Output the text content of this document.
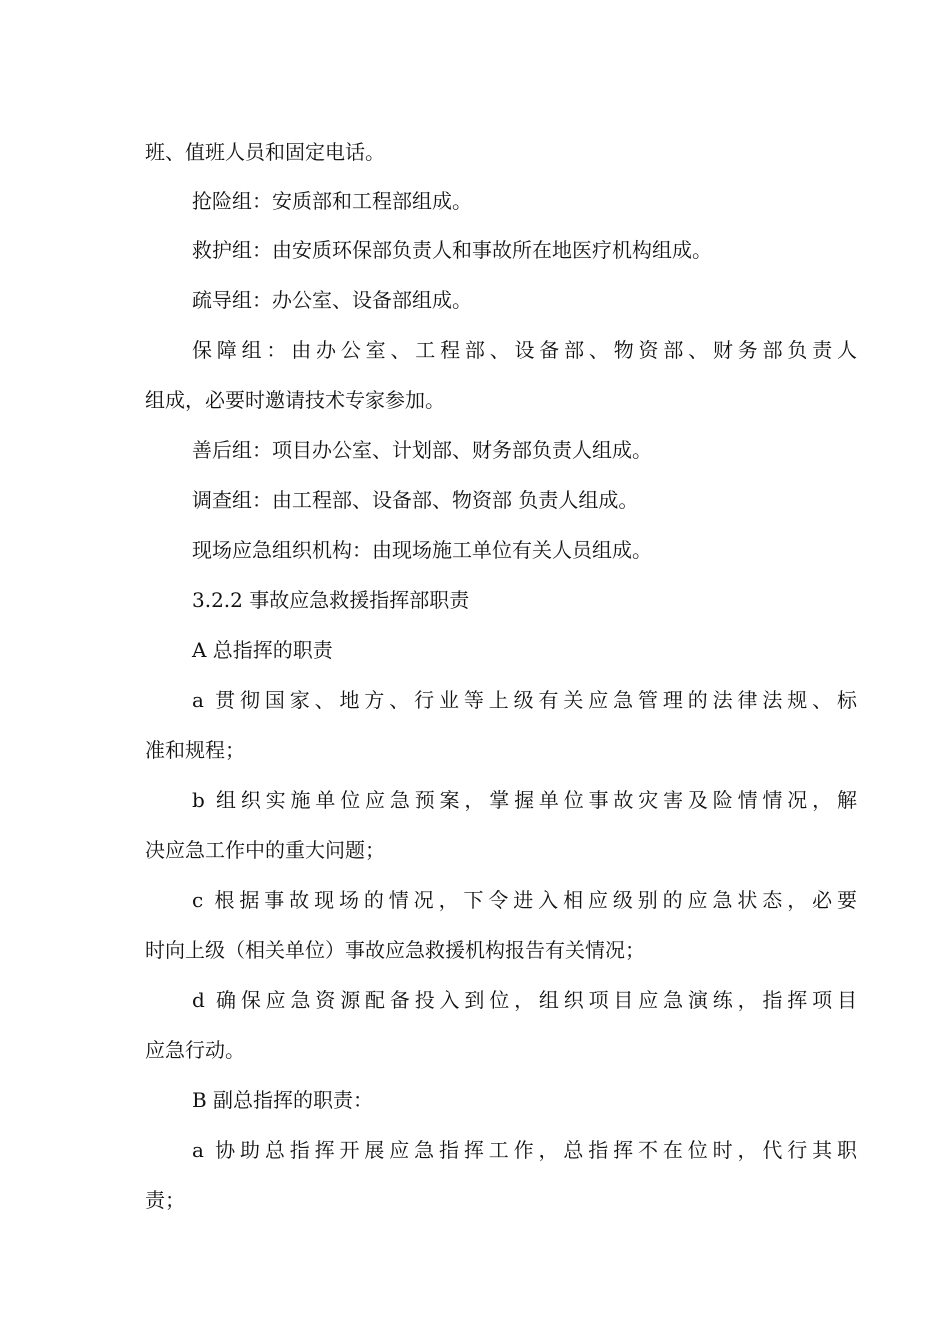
班、值班人员和固定电话。
抢险组：安质部和工程部组成。
救护组：由安质环保部负责人和事故所在地医疗机构组成。
疏导组：办公室、设备部组成。
保障组：由办公室、工程部、设备部、物资部、财务部负责人
组成，必要时邀请技术专家参加。
善后组：项目办公室、计划部、财务部负责人组成。
调查组：由工程部、设备部、物资部 负责人组成。
现场应急组织机构：由现场施工单位有关人员组成。
3.2.2 事故应急救援指挥部职责
A 总指挥的职责
a 贯彻国家、地方、行业等上级有关应急管理的法律法规、标
准和规程；
b 组织实施单位应急预案，掌握单位事故灾害及险情情况，解
决应急工作中的重大问题；
c 根据事故现场的情况，下令进入相应级别的应急状态，必要
时向上级（相关单位）事故应急救援机构报告有关情况；
d 确保应急资源配备投入到位，组织项目应急演练，指挥项目
应急行动。
B 副总指挥的职责：
a 协助总指挥开展应急指挥工作，总指挥不在位时，代行其职
责；
